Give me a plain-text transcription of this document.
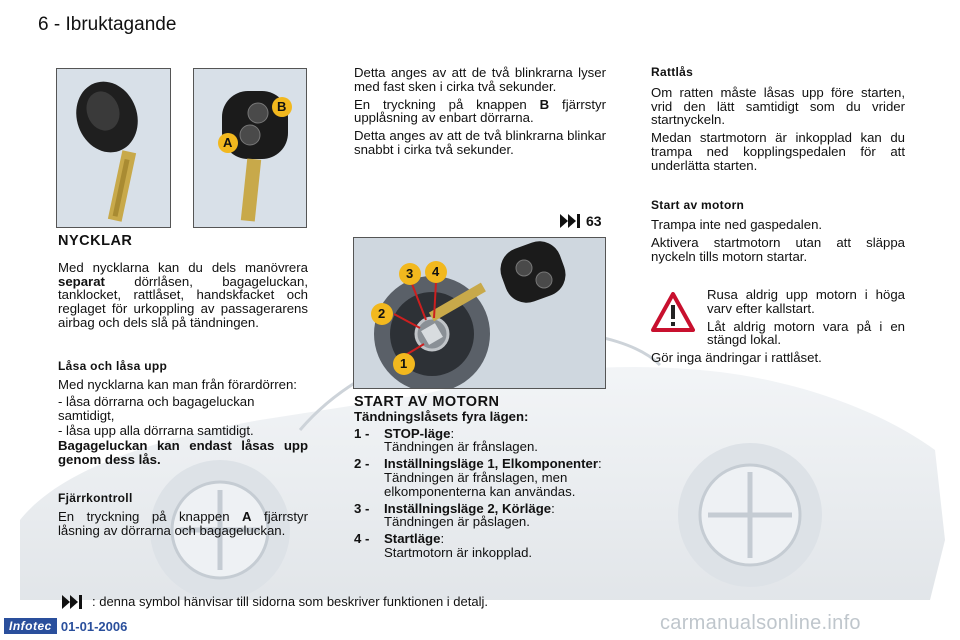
6 - Ibruktagande
B
A

NYCKLAR

Med nycklarna kan du dels manövrera separat dörrlåsen, bagageluckan, tanklocket, rattlåset, handskfacket och reglaget för urkoppling av passagerarens airbag och dels slå på tändningen.

Låsa och låsa upp

Med nycklarna kan man från förardörren:

- låsa dörrarna och bagageluckan samtidigt,

- låsa upp alla dörrarna samtidigt.

Bagageluckan kan endast låsas upp genom dess lås.

Fjärrkontroll

En tryckning på knappen A fjärrstyr låsning av dörrarna och bagageluckan.

Detta anges av att de två blinkrarna lyser med fast sken i cirka två sekunder.

En tryckning på knappen B fjärrstyr upplåsning av enbart dörrarna.

Detta anges av att de två blinkrarna blinkar snabbt i cirka två sekunder.

63
1
2
3 4

START AV MOTORN

Tändningslåsets fyra lägen:

1 -	STOP-läge:

Tändningen är frånslagen.

2 -	Inställningsläge 1, Elkomponenter:

Tändningen är frånslagen, men elkomponenterna kan användas.

3 -	Inställningsläge 2, Körläge:

Tändningen är påslagen.

4 -	Startläge:

Startmotorn är inkopplad.

Rattlås

Om ratten måste låsas upp före starten, vrid den lätt samtidigt som du vrider startnyckeln.

Medan startmotorn är inkopplad kan du trampa ned kopplingspedalen för att underlätta starten.

Start av motorn

Trampa inte ned gaspedalen.

Aktivera startmotorn utan att släppa nyckeln tills motorn startar.

Rusa aldrig upp motorn i höga varv efter kallstart.

Låt aldrig motorn vara på i en stängd lokal.

Gör inga ändringar i rattlåset.

: denna symbol hänvisar till sidorna som beskriver funktionen i detalj.
Infotec 01-01-2006	carmanualsonline.info
